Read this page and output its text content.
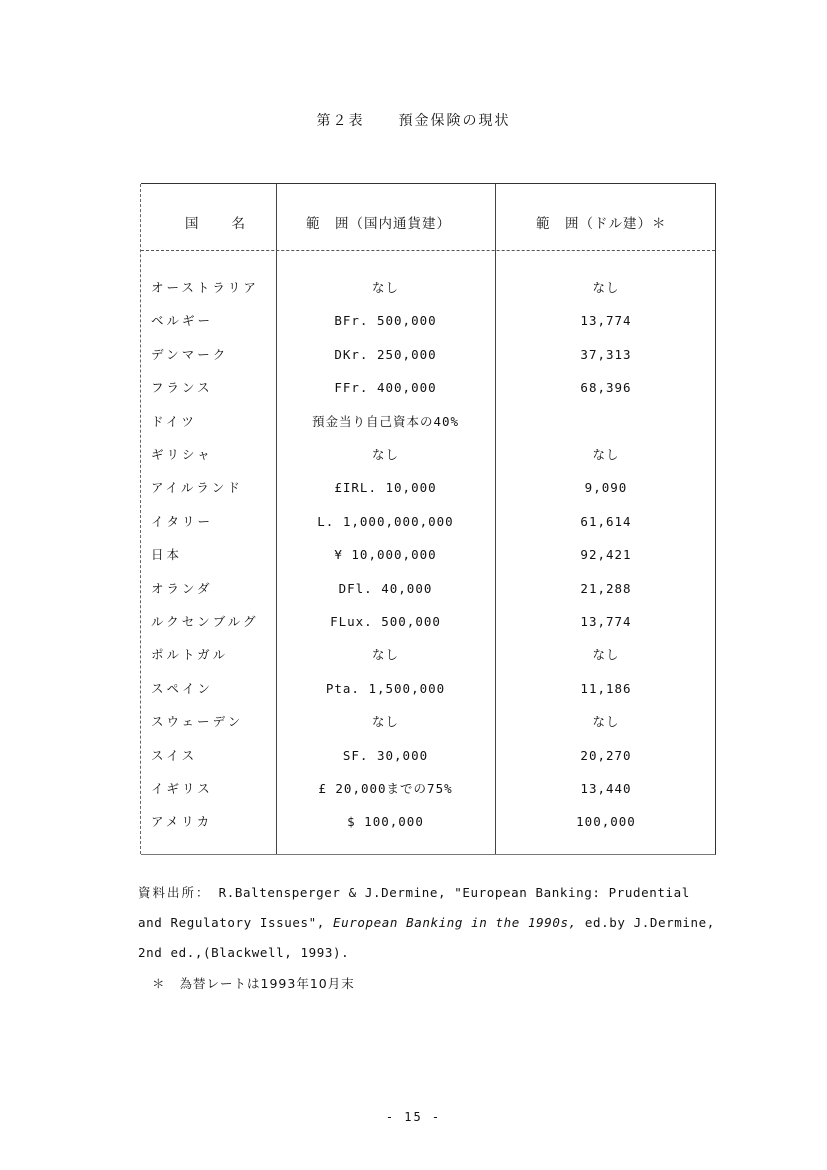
第２表 預金保険の現状
国 名	範　囲（国内通貨建）	範　囲（ドル建）＊
オーストラリア	なし	なし
ベルギー	BFr. 500,000	13,774
デンマーク	DKr. 250,000	37,313
フランス	FFr. 400,000	68,396
ドイツ	預金当り自己資本の40%
ギリシャ	なし	なし
アイルランド	£IRL. 10,000	9,090
イタリー	L. 1,000,000,000	61,614
日本	¥ 10,000,000	92,421
オランダ	DFl. 40,000	21,288
ルクセンブルグ	FLux. 500,000	13,774
ポルトガル	なし	なし
スペイン	Pta. 1,500,000	11,186
スウェーデン	なし	なし
スイス	SF. 30,000	20,270
イギリス	£ 20,000までの75%	13,440
アメリカ	$ 100,000	100,000
資料出所： R.Baltensperger & J.Dermine, "European Banking: Prudential
and Regulatory Issues", European Banking in the 1990s, ed.by J.Dermine,
2nd ed.,(Blackwell, 1993).
＊ 為替レートは1993年10月末
- 15 -
